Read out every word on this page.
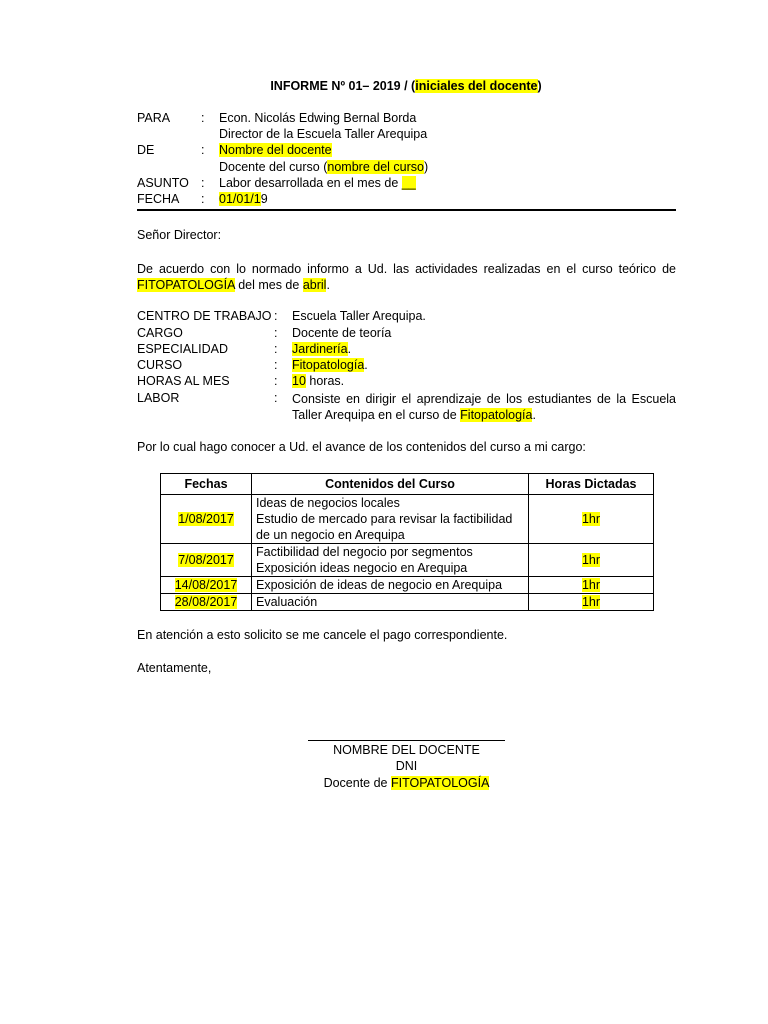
INFORME Nº 01– 2019 / (iniciales del docente)
PARA : Econ. Nicolás Edwing Bernal Borda
Director de la Escuela Taller Arequipa
DE	: Nombre del docente
Docente del curso (nombre del curso)
ASUNTO : Labor desarrollada en el mes de __
FECHA : 01/01/19
Señor Director:
De acuerdo con lo normado informo a Ud. las actividades realizadas en el curso teórico de FITOPATOLOGÍA del mes de abril.
CENTRO DE TRABAJO : Escuela Taller Arequipa.
CARGO	: Docente de teoría
ESPECIALIDAD	: Jardinería.
CURSO	: Fitopatología.
HORAS AL MES	: 10 horas.
LABOR	: Consiste en dirigir el aprendizaje de los estudiantes de la Escuela Taller Arequipa en el curso de Fitopatología.
Por lo cual hago conocer a Ud. el avance de los contenidos del curso a mi cargo:
Fechas	Contenidos del Curso	Horas Dictadas
1/08/2017	Ideas de negocios locales
Estudio de mercado para revisar la factibilidad de un negocio en Arequipa	1hr
7/08/2017	Factibilidad del negocio por segmentos
Exposición ideas negocio en Arequipa	1hr
14/08/2017	Exposición de ideas de negocio en Arequipa	1hr
28/08/2017	Evaluación	1hr
En atención a esto solicito se me cancele el pago correspondiente.
Atentamente,
NOMBRE DEL DOCENTE
DNI
Docente de FITOPATOLOGÍA
